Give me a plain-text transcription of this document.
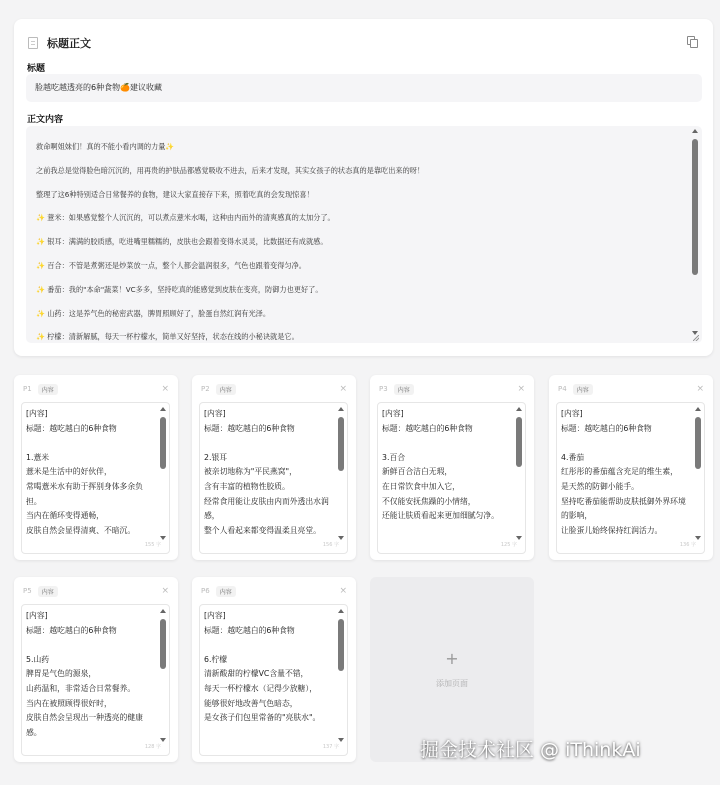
标题正文
标题
脸越吃越透亮的6种食物🍊建议收藏
正文内容
救命啊姐妹们！真的不能小看内调的力量✨
之前我总是觉得脸色暗沉沉的，用再贵的护肤品都感觉吸收不进去，后来才发现，其实女孩子的状态真的是靠吃出来的呀！
整理了这6种特别适合日常餐养的食物，建议大家直接存下来，照着吃真的会发现惊喜！
✨ 薏米：如果感觉整个人沉沉的，可以煮点薏米水喝，这种由内而外的清爽感真的太加分了。
✨ 银耳：满满的胶质感，吃进嘴里糯糯的，皮肤也会跟着变得水灵灵，比数据还有成就感。
✨ 百合：不管是煮粥还是炒菜放一点，整个人都会温润很多，气色也跟着变得匀净。
✨ 番茄：我的"本命"蔬菜！VC多多，坚持吃真的能感觉到皮肤在变亮，防御力也更好了。
✨ 山药：这是养气色的秘密武器，脾胃照顾好了，脸蛋自然红润有光泽。
✨ 柠檬：清新解腻，每天一杯柠檬水，简单又好坚持，状态在线的小秘诀就是它。
P1	内容	×
[内容]
标题：越吃越白的6种食物
1.薏米
薏米是生活中的好伙伴，
常喝薏米水有助于挥别身体多余负
担。
当内在循环变得通畅，
皮肤自然会显得清爽、不暗沉。
155 字
P2	内容	×
[内容]
标题：越吃越白的6种食物
2.银耳
被亲切地称为"平民燕窝"，
含有丰富的植物性胶质。
经常食用能让皮肤由内而外透出水润
感，
整个人看起来都变得温柔且亮堂。
156 字
P3	内容	×
[内容]
标题：越吃越白的6种食物
3.百合
新鲜百合洁白无瑕，
在日常饮食中加入它，
不仅能安抚焦躁的小情绪，
还能让肤质看起来更加细腻匀净。
125 字
P4	内容	×
[内容]
标题：越吃越白的6种食物
4.番茄
红彤彤的番茄蕴含充足的维生素，
是天然的防御小能手。
坚持吃番茄能帮助皮肤抵御外界环境
的影响，
让脸蛋儿始终保持红润活力。
136 字
P5	内容	×
[内容]
标题：越吃越白的6种食物
5.山药
脾胃是气色的源泉，
山药温和，非常适合日常餐养。
当内在被照顾得很好时，
皮肤自然会呈现出一种透亮的健康
感。
128 字
P6	内容	×
[内容]
标题：越吃越白的6种食物
6.柠檬
清新酸甜的柠檬VC含量不错，
每天一杯柠檬水（记得少放糖），
能够很好地改善气色暗态，
是女孩子们包里常备的"亮肤水"。
137 字
+
添加页面
掘金技术社区 @ iThinkAi
